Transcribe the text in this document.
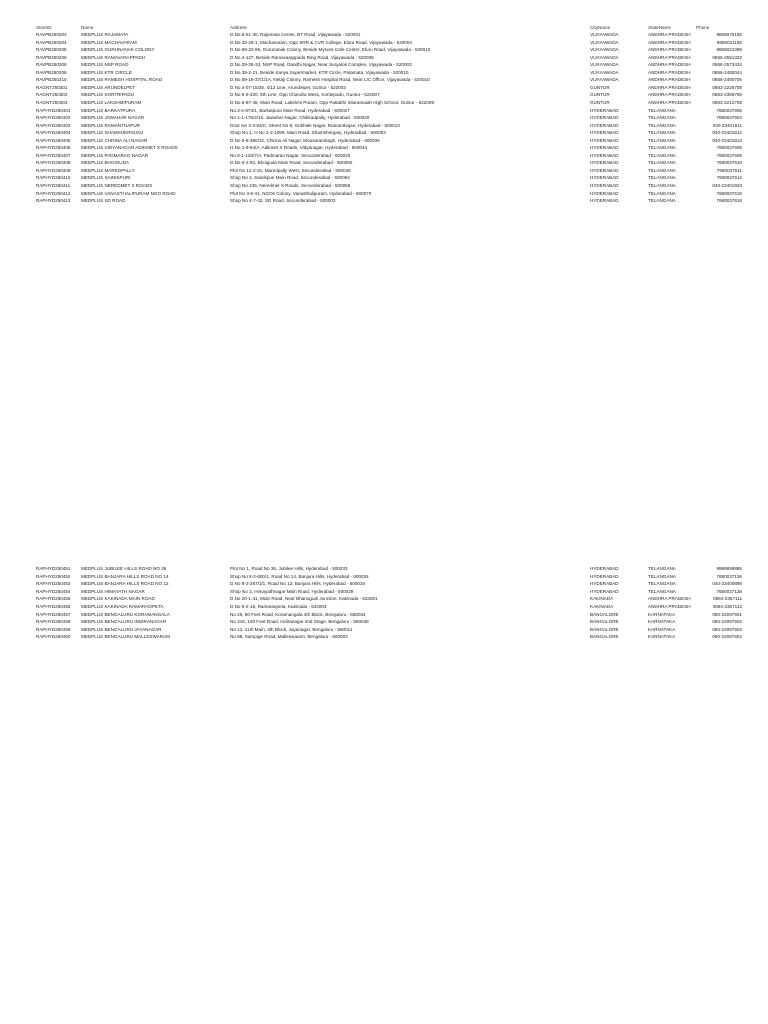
StoreID	Name	Address	CityName	StateName	Phone
RAVPB250203	MEDPLUS RAJAMATA	D.No.8-51-30, Rajamata Center, BT Road, Vijayawada - 520001	VIJAYAWADA	ANDHRA PRADESH	9866075185
RAVPB250204	MEDPLUS MACHAVARAM	D.No.33-25-1, Machavaram, Opp SRR & CVR College, Eluru Road, Vijayawada - 520004	VIJAYAWADA	ANDHRA PRADESH	9866021185
RAVPB250205	MEDPLUS GURUNANAK COLONY	D.No.59-22-96, Gurunanak Colony, Beside Mysore Cafe Center, Eluru Road, Vijayawada - 520010	VIJAYAWADA	ANDHRA PRADESH	9866021098
RAVPB250206	MEDPLUS RAMAVARAPPADU	D.No.4-127, Beside Ramavarappadu Ring Road, Vijayawada - 520008	VIJAYAWADA	ANDHRA PRADESH	0866-2551332
RAVPB250208	MEDPLUS NSP ROAD	D.No.29-26-33, NSP Road, Gandhi Nagar, Near Suryalok Complex, Vijayawada - 520003	VIJAYAWADA	ANDHRA PRADESH	0866-2573434
RAVPB250209	MEDPLUS KTR CIRCLE	D.No.39-2-21, Beside Kanya Supermarket, KTR Circle, Patamata, Vijayawada - 520010	VIJAYAWADA	ANDHRA PRADESH	0866-2480044
RAVPB250210	MEDPLUS RAMESH HOSPITAL ROAD	D.No.59-19-37/1/1A, Netaji Colony, Ramesh Hospital Road, Near LIC Office, Vijayawada - 520010	VIJAYAWADA	ANDHRA PRADESH	0866-2480706
RAGNT250301	MEDPLUS ARUNDELPET	D.No.4-07-15/26, 4/12 Line, Arundelpet, Guntur - 522002	GUNTUR	ANDHRA PRADESH	0863-2226708
RAGNT250302	MEDPLUS KORITEPADU	D.No.6-5-320, 6th Line, Opp Chandra Mess, Koritepadu, Guntur - 522007	GUNTUR	ANDHRA PRADESH	0863-2356766
RAGNT250303	MEDPLUS LAKSHMIPURAM	D.No.5-87-48, Main Road, Lakshmi Puram, Opp Pattabhi Sitaramaiah High School, Guntur - 522006	GUNTUR	ANDHRA PRADESH	0863-2212708
RAPHYD250401	MEDPLUS BARKATPURA	No.3-4-874/1, Barkatpura Main Road, Hyderabad - 500027	HYDERABAD	TELANGANA	7680037605
RAPHYD250402	MEDPLUS JAWAHAR NAGAR	No 1-1-175/2/10, Jawahar Nagar, Chikkadpally, Hyderabad - 500020	HYDERABAD	TELANGANA	7680037604
RAPHYD250403	MEDPLUS RAMANTHAPUR	Door No 2-3-64/C, Street No 8, Gokhale Nagar, Ramanthapur, Hyderabad - 500013	HYDERABAD	TELANGANA	040-23401811
RAPHYD250404	MEDPLUS SHAMSHERGUNJ	Shop No 1, H.No 2-2-1089, Main Road, Shamsherganj, Hyderabad - 500053	HYDERABAD	TELANGANA	040-23401812
RAPHYD250405	MEDPLUS CHINNA ALI NAGAR	D.No 5-8-380/12, Chinna Ali Nagar, Moosarambagh, Hyderabad - 500036	HYDERABAD	TELANGANA	040-23401813
RAPHYD250406	MEDPLUS VIDYANAGAR ADIKMET X ROADS	H.No 1-9-64/A, Adikmet X Roads, Vidyanagar, Hyderabad - 500044	HYDERABAD	TELANGANA	7680037606
RAPHYD250407	MEDPLUS PADMARAO NAGAR	No 8-1-128/7/A, Padmarao Nagar, Secunderabad - 500025	HYDERABAD	TELANGANA	7680037609
RAPHYD250408	MEDPLUS BHOIGUDA	D.No 6-2-92, Bhoiguda Main Road, Secunderabad - 500080	HYDERABAD	TELANGANA	7680037610
RAPHYD250409	MEDPLUS MAREDPALLY	Plot No 12-2-31, Maredpally West, Secunderabad - 500026	HYDERABAD	TELANGANA	7680037611
RAPHYD250410	MEDPLUS SAINIKPURI	Shop No 2, Sainikpuri Main Road, Secunderabad - 500094	HYDERABAD	TELANGANA	7680037612
RAPHYD250411	MEDPLUS NEREDMET X ROADS	Shop No 245, Neredmet X Roads, Secunderabad - 500056	HYDERABAD	TELANGANA	040-23401823
RAPHYD250412	MEDPLUS VANASTHALIPURAM NGO ROAD	Plot No 3-9-41, NGOs Colony, Vanasthalipuram, Hyderabad - 500070	HYDERABAD	TELANGANA	7680037615
RAPHYD250413	MEDPLUS SD ROAD	Shop No 4-7-42, SD Road, Secunderabad - 500003	HYDERABAD	TELANGANA	7680037618
RAPHYD250451	MEDPLUS JUBILEE HILLS ROAD NO 36	Plot No 1, Road No 36, Jubilee Hills, Hyderabad - 500033	HYDERABAD	TELANGANA	9989899886
RAPHYD250452	MEDPLUS BANJARA HILLS ROAD NO 14	Shop No 8-2-600/1, Road No 14, Banjara Hills, Hyderabad - 500034	HYDERABAD	TELANGANA	7680037136
RAPHYD250453	MEDPLUS BANJARA HILLS ROAD NO 12	D.No 8-2-287/1/1, Road No 12, Banjara Hills, Hyderabad - 500034	HYDERABAD	TELANGANA	040-23400898
RAPHYD250454	MEDPLUS HIMAYATH NAGAR	Shop No 3, Himayathnagar Main Road, Hyderabad - 500029	HYDERABAD	TELANGANA	7680037138
RAPHYD250455	MEDPLUS KAKINADA MAIN ROAD	D.No 20-1-41, Main Road, Near Bhanugudi Junction, Kakinada - 533001	KAKINADA	ANDHRA PRADESH	0884-2367111
RAPHYD250456	MEDPLUS KAKINADA RAMARAOPETA	D.No 5-2-18, Ramaraopeta, Kakinada - 533004	KAKINADA	ANDHRA PRADESH	0884-2367112
RAPHYD250457	MEDPLUS BENGALURU KORAMANGALA	No 25, 80 Feet Road, Koramangala 4th Block, Bengaluru - 560034	BANGALORE	KARNATAKA	080-22097601
RAPHYD250458	MEDPLUS BENGALURU INDIRANAGAR	No 316, 100 Feet Road, Indiranagar 2nd Stage, Bengaluru - 560038	BANGALORE	KARNATAKA	080-22097602
RAPHYD250459	MEDPLUS BENGALURU JAYANAGAR	No 12, 11th Main, 4th Block, Jayanagar, Bengaluru - 560011	BANGALORE	KARNATAKA	080-22097603
RAPHYD250460	MEDPLUS BENGALURU MALLESWARAM	No 88, Sampige Road, Malleswaram, Bengaluru - 560003	BANGALORE	KARNATAKA	080-22097604
